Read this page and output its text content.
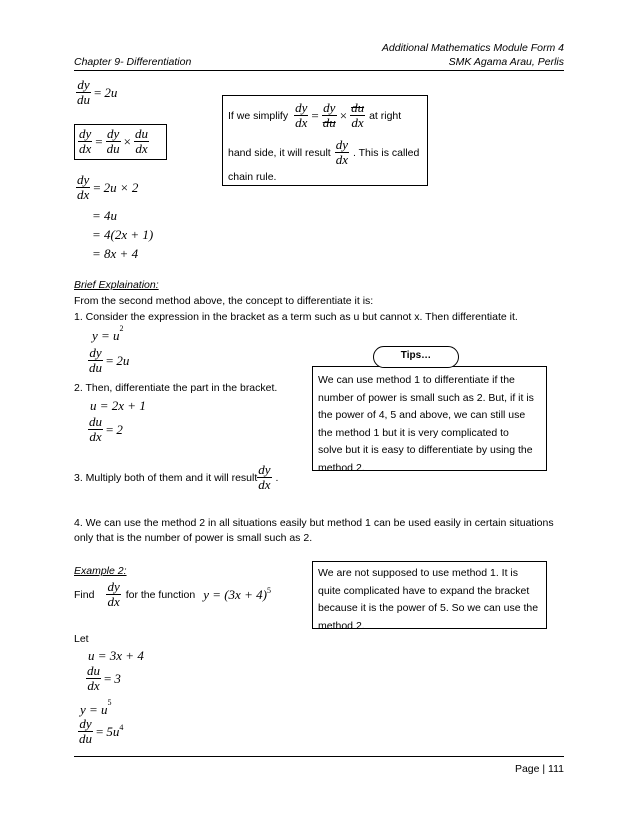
Additional Mathematics Module Form 4
Chapter 9- Differentiation	SMK Agama Arau, Perlis
$\frac{dy}{du} = 2u$
$\frac{dy}{dx} = \frac{dy}{du} \times \frac{du}{dx}$
$\frac{dy}{dx} = 2u \times 2$
= 4u
= 4(2x + 1)
= 8x + 4
If we simplify $\frac{dy}{dx} = \frac{dy}{du} \times \frac{du}{dx}$ at right
hand side, it will result $\frac{dy}{dx}$ . This is called
chain rule.
Brief Explaination:
From the second method above, the concept to differentiate it is:
1. Consider the expression in the bracket as a term such as u but cannot x. Then differentiate it.
$y = u^2$
$\frac{dy}{du} = 2u$
2. Then, differentiate the part in the bracket.
u = 2x + 1
$\frac{du}{dx} = 2$
3. Multiply both of them and it will result $\frac{dy}{dx}$ .
4. We can use the method 2 in all situations easily but method 1 can be used easily in certain situations
only that is the number of power is small such as 2.
We can use method 1 to differentiate if the
number of power is small such as 2. But, if it is
the power of 4, 5 and above, we can still use
the method 1 but it is very complicated to
solve but it is easy to differentiate by using the
method 2.
Tips…
Example 2:
Find $\frac{dy}{dx}$ for the function $y = (3x + 4)^5$
Let
u = 3x + 4
$\frac{du}{dx} = 3$
$y = u^5$
$\frac{dy}{du} = 5u$ 4
We are not supposed to use method 1. It is
quite complicated have to expand the bracket
because it is the power of 5. So we can use the
method 2.
Page | 111
